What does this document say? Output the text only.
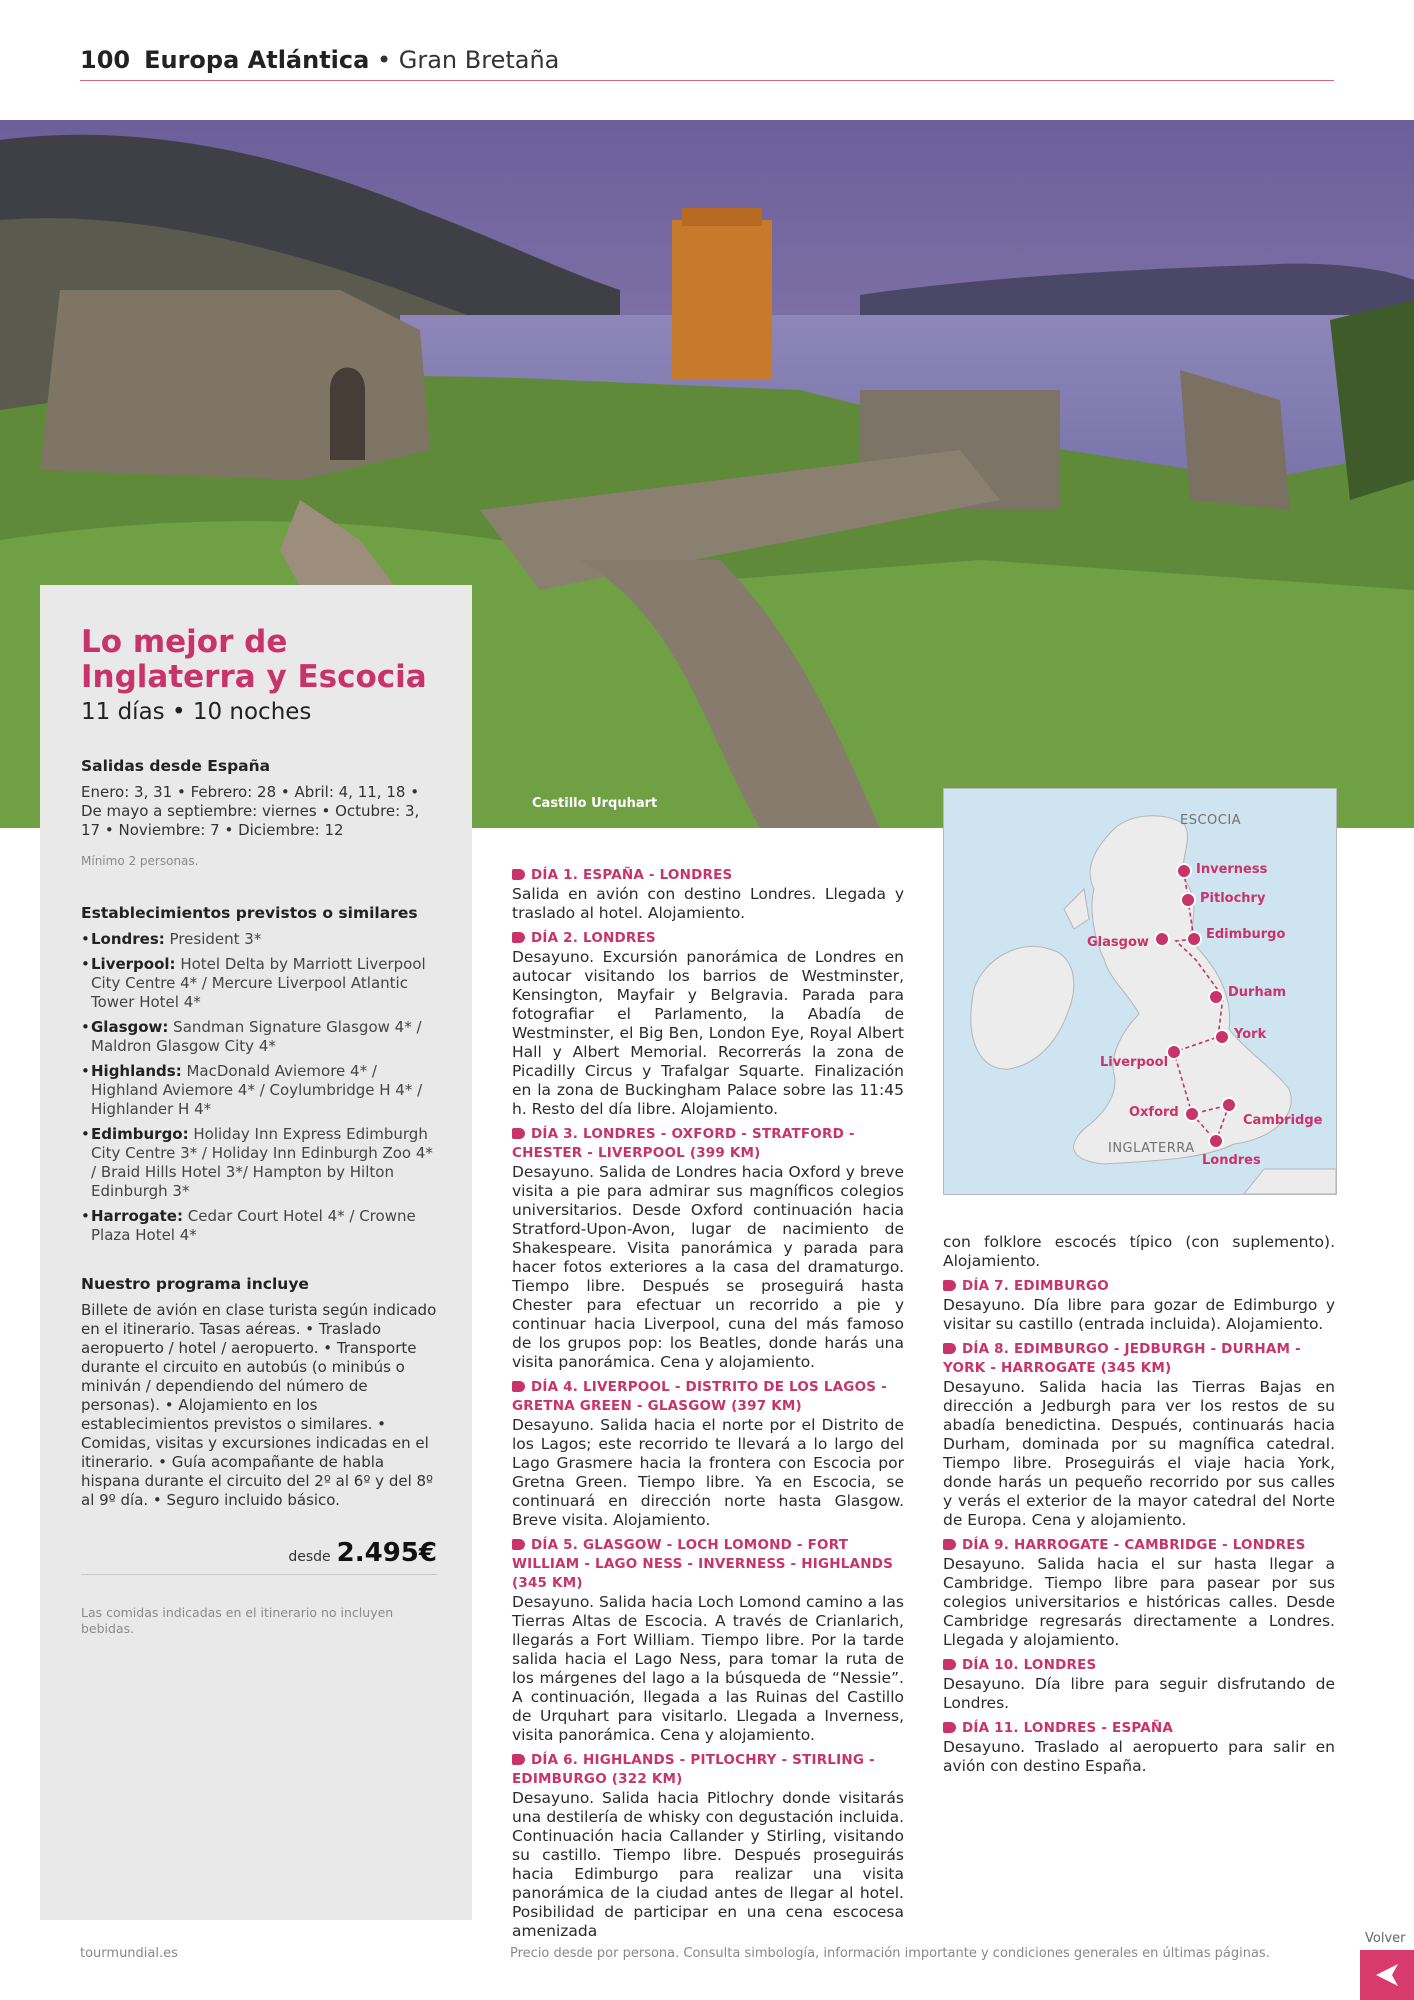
100 Europa Atlántica • Gran Bretaña
Castillo Urquhart
Lo mejor de
Inglaterra y Escocia
11 días • 10 noches
Salidas desde España
Enero: 3, 31 • Febrero: 28 • Abril: 4, 11, 18 • De mayo a septiembre: viernes • Octubre: 3, 17 • Noviembre: 7 • Diciembre: 12
Mínimo 2 personas.
Establecimientos previstos o similares
• Londres: President 3*
• Liverpool: Hotel Delta by Marriott Liverpool City Centre 4* / Mercure Liverpool Atlantic Tower Hotel 4*
• Glasgow: Sandman Signature Glasgow 4* / Maldron Glasgow City 4*
• Highlands: MacDonald Aviemore 4* / Highland Aviemore 4* / Coylumbridge H 4* / Highlander H 4*
• Edimburgo: Holiday Inn Express Edimburgh City Centre 3* / Holiday Inn Edinburgh Zoo 4* / Braid Hills Hotel 3*/ Hampton by Hilton Edinburgh 3*
• Harrogate: Cedar Court Hotel 4* / Crowne Plaza Hotel 4*
Nuestro programa incluye
Billete de avión en clase turista según indicado en el itinerario. Tasas aéreas. • Traslado aeropuerto / hotel / aeropuerto. • Transporte durante el circuito en autobús (o minibús o miniván / dependiendo del número de personas). • Alojamiento en los establecimientos previstos o similares. • Comidas, visitas y excursiones indicadas en el itinerario. • Guía acompañante de habla hispana durante el circuito del 2º al 6º y del 8º al 9º día. • Seguro incluido básico.
desde 2.495€
Las comidas indicadas en el itinerario no incluyen bebidas.
DÍA 1. ESPAÑA - LONDRES
Salida en avión con destino Londres. Llegada y traslado al hotel. Alojamiento.
DÍA 2. LONDRES
Desayuno. Excursión panorámica de Londres en autocar visitando los barrios de Westminster, Kensington, Mayfair y Belgravia. Parada para fotografiar el Parlamento, la Abadía de Westminster, el Big Ben, London Eye, Royal Albert Hall y Albert Memorial. Recorrerás la zona de Picadilly Circus y Trafalgar Squarte. Finalización en la zona de Buckingham Palace sobre las 11:45 h. Resto del día libre. Alojamiento.
DÍA 3. LONDRES - OXFORD - STRATFORD - CHESTER - LIVERPOOL (399 KM)
Desayuno. Salida de Londres hacia Oxford y breve visita a pie para admirar sus magníficos colegios universitarios. Desde Oxford continuación hacia Stratford-Upon-Avon, lugar de nacimiento de Shakespeare. Visita panorámica y parada para hacer fotos exteriores a la casa del dramaturgo. Tiempo libre. Después se proseguirá hasta Chester para efectuar un recorrido a pie y continuar hacia Liverpool, cuna del más famoso de los grupos pop: los Beatles, donde harás una visita panorámica. Cena y alojamiento.
DÍA 4. LIVERPOOL - DISTRITO DE LOS LAGOS - GRETNA GREEN - GLASGOW (397 KM)
Desayuno. Salida hacia el norte por el Distrito de los Lagos; este recorrido te llevará a lo largo del Lago Grasmere hacia la frontera con Escocia por Gretna Green. Tiempo libre. Ya en Escocia, se continuará en dirección norte hasta Glasgow. Breve visita. Alojamiento.
DÍA 5. GLASGOW - LOCH LOMOND - FORT WILLIAM - LAGO NESS - INVERNESS - HIGHLANDS (345 KM)
Desayuno. Salida hacia Loch Lomond camino a las Tierras Altas de Escocia. A través de Crianlarich, llegarás a Fort William. Tiempo libre. Por la tarde salida hacia el Lago Ness, para tomar la ruta de los márgenes del lago a la búsqueda de “Nessie”. A continuación, llegada a las Ruinas del Castillo de Urquhart para visitarlo. Llegada a Inverness, visita panorámica. Cena y alojamiento.
DÍA 6. HIGHLANDS - PITLOCHRY - STIRLING - EDIMBURGO (322 KM)
Desayuno. Salida hacia Pitlochry donde visitarás una destilería de whisky con degustación incluida. Continuación hacia Callander y Stirling, visitando su castillo. Tiempo libre. Después proseguirás hacia Edimburgo para realizar una visita panorámica de la ciudad antes de llegar al hotel. Posibilidad de participar en una cena escocesa amenizada
ESCOCIA
INGLATERRA
Inverness
Pitlochry
Glasgow
Edimburgo
Durham
York
Liverpool
Oxford
Cambridge
Londres
con folklore escocés típico (con suplemento). Alojamiento.
DÍA 7. EDIMBURGO
Desayuno. Día libre para gozar de Edimburgo y visitar su castillo (entrada incluida). Alojamiento.
DÍA 8. EDIMBURGO - JEDBURGH - DURHAM - YORK - HARROGATE (345 KM)
Desayuno. Salida hacia las Tierras Bajas en dirección a Jedburgh para ver los restos de su abadía benedictina. Después, continuarás hacia Durham, dominada por su magnífica catedral. Tiempo libre. Proseguirás el viaje hacia York, donde harás un pequeño recorrido por sus calles y verás el exterior de la mayor catedral del Norte de Europa. Cena y alojamiento.
DÍA 9. HARROGATE - CAMBRIDGE - LONDRES
Desayuno. Salida hacia el sur hasta llegar a Cambridge. Tiempo libre para pasear por sus colegios universitarios e históricas calles. Desde Cambridge regresarás directamente a Londres. Llegada y alojamiento.
DÍA 10. LONDRES
Desayuno. Día libre para seguir disfrutando de Londres.
DÍA 11. LONDRES - ESPAÑA
Desayuno. Traslado al aeropuerto para salir en avión con destino España.
tourmundial.es	Precio desde por persona. Consulta simbología, información importante y condiciones generales en últimas páginas.
Volver
